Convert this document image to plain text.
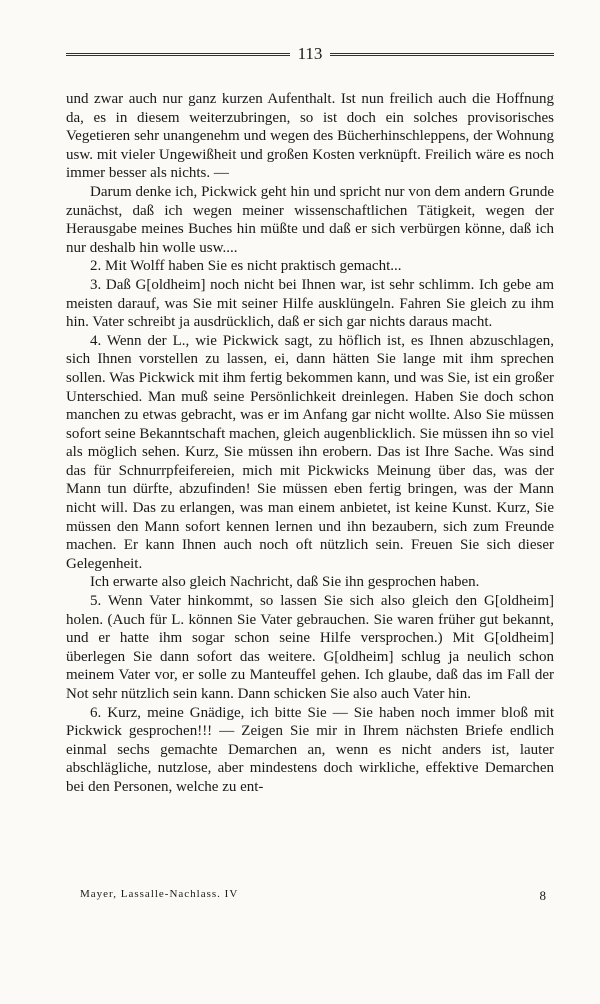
113

und zwar auch nur ganz kurzen Aufenthalt. Ist nun freilich auch die Hoffnung da, es in diesem weiterzubringen, so ist doch ein solches provisorisches Vegetieren sehr unangenehm und wegen des Bücherhinschleppens, der Wohnung usw. mit vieler Ungewißheit und großen Kosten verknüpft. Freilich wäre es noch immer besser als nichts. —

Darum denke ich, Pickwick geht hin und spricht nur von dem andern Grunde zunächst, daß ich wegen meiner wissenschaftlichen Tätigkeit, wegen der Herausgabe meines Buches hin müßte und daß er sich verbürgen könne, daß ich nur deshalb hin wolle usw....

2. Mit Wolff haben Sie es nicht praktisch gemacht...

3. Daß G[oldheim] noch nicht bei Ihnen war, ist sehr schlimm. Ich gebe am meisten darauf, was Sie mit seiner Hilfe ausklüngeln. Fahren Sie gleich zu ihm hin. Vater schreibt ja ausdrücklich, daß er sich gar nichts daraus macht.

4. Wenn der L., wie Pickwick sagt, zu höflich ist, es Ihnen abzuschlagen, sich Ihnen vorstellen zu lassen, ei, dann hätten Sie lange mit ihm sprechen sollen. Was Pickwick mit ihm fertig bekommen kann, und was Sie, ist ein großer Unterschied. Man muß seine Persönlichkeit dreinlegen. Haben Sie doch schon manchen zu etwas gebracht, was er im Anfang gar nicht wollte. Also Sie müssen sofort seine Bekanntschaft machen, gleich augenblicklich. Sie müssen ihn so viel als möglich sehen. Kurz, Sie müssen ihn erobern. Das ist Ihre Sache. Was sind das für Schnurrpfeifereien, mich mit Pickwicks Meinung über das, was der Mann tun dürfte, abzufinden! Sie müssen eben fertig bringen, was der Mann nicht will. Das zu erlangen, was man einem anbietet, ist keine Kunst. Kurz, Sie müssen den Mann sofort kennen lernen und ihn bezaubern, sich zum Freunde machen. Er kann Ihnen auch noch oft nützlich sein. Freuen Sie sich dieser Gelegenheit.

Ich erwarte also gleich Nachricht, daß Sie ihn gesprochen haben.

5. Wenn Vater hinkommt, so lassen Sie sich also gleich den G[oldheim] holen. (Auch für L. können Sie Vater gebrauchen. Sie waren früher gut bekannt, und er hatte ihm sogar schon seine Hilfe versprochen.) Mit G[oldheim] überlegen Sie dann sofort das weitere. G[oldheim] schlug ja neulich schon meinem Vater vor, er solle zu Manteuffel gehen. Ich glaube, daß das im Fall der Not sehr nützlich sein kann. Dann schicken Sie also auch Vater hin.

6. Kurz, meine Gnädige, ich bitte Sie — Sie haben noch immer bloß mit Pickwick gesprochen!!! — Zeigen Sie mir in Ihrem nächsten Briefe endlich einmal sechs gemachte Demarchen an, wenn es nicht anders ist, lauter abschlägliche, nutzlose, aber mindestens doch wirkliche, effektive Demarchen bei den Personen, welche zu ent-

Mayer, Lassalle-Nachlass. IV	8
